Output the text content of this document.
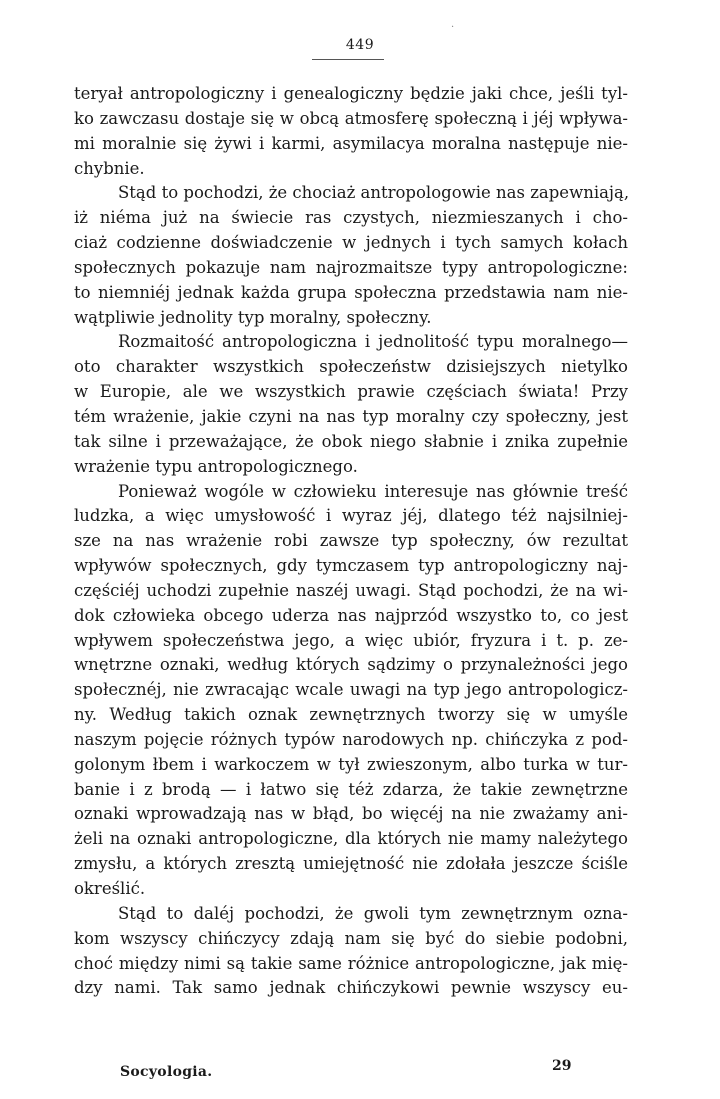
·
449
teryał antropologiczny i genealogiczny będzie jaki chce, jeśli tyl-
ko zawczasu dostaje się w obcą atmosferę społeczną i jéj wpływa-
mi moralnie się żywi i karmi, asymilacya moralna następuje nie-
chybnie.
Stąd to pochodzi, że chociaż antropologowie nas zapewniają,
iż niéma już na świecie ras czystych, niezmieszanych i cho-
ciaż codzienne doświadczenie w jednych i tych samych kołach
społecznych pokazuje nam najrozmaitsze typy antropologiczne:
to niemniéj jednak każda grupa społeczna przedstawia nam nie-
wątpliwie jednolity typ moralny, społeczny.
Rozmaitość antropologiczna i jednolitość typu moralnego—
oto charakter wszystkich społeczeństw dzisiejszych nietylko
w Europie, ale we wszystkich prawie częściach świata! Przy
tém wrażenie, jakie czyni na nas typ moralny czy społeczny, jest
tak silne i przeważające, że obok niego słabnie i znika zupełnie
wrażenie typu antropologicznego.
Ponieważ wogóle w człowieku interesuje nas głównie treść
ludzka, a więc umysłowość i wyraz jéj, dlatego téż najsilniej-
sze na nas wrażenie robi zawsze typ społeczny, ów rezultat
wpływów społecznych, gdy tymczasem typ antropologiczny naj-
częściéj uchodzi zupełnie naszéj uwagi. Stąd pochodzi, że na wi-
dok człowieka obcego uderza nas najprzód wszystko to, co jest
wpływem społeczeństwa jego, a więc ubiór, fryzura i t. p. ze-
wnętrzne oznaki, według których sądzimy o przynależności jego
społecznéj, nie zwracając wcale uwagi na typ jego antropologicz-
ny. Według takich oznak zewnętrznych tworzy się w umyśle
naszym pojęcie różnych typów narodowych np. chińczyka z pod-
golonym łbem i warkoczem w tył zwieszonym, albo turka w tur-
banie i z brodą — i łatwo się téż zdarza, że takie zewnętrzne
oznaki wprowadzają nas w błąd, bo więcéj na nie zważamy ani-
żeli na oznaki antropologiczne, dla których nie mamy należytego
zmysłu, a których zresztą umiejętność nie zdołała jeszcze ściśle
określić.
Stąd to daléj pochodzi, że gwoli tym zewnętrznym ozna-
kom wszyscy chińczycy zdają nam się być do siebie podobni,
choć między nimi są takie same różnice antropologiczne, jak mię-
dzy nami. Tak samo jednak chińczykowi pewnie wszyscy eu-
Socyologia.	29
